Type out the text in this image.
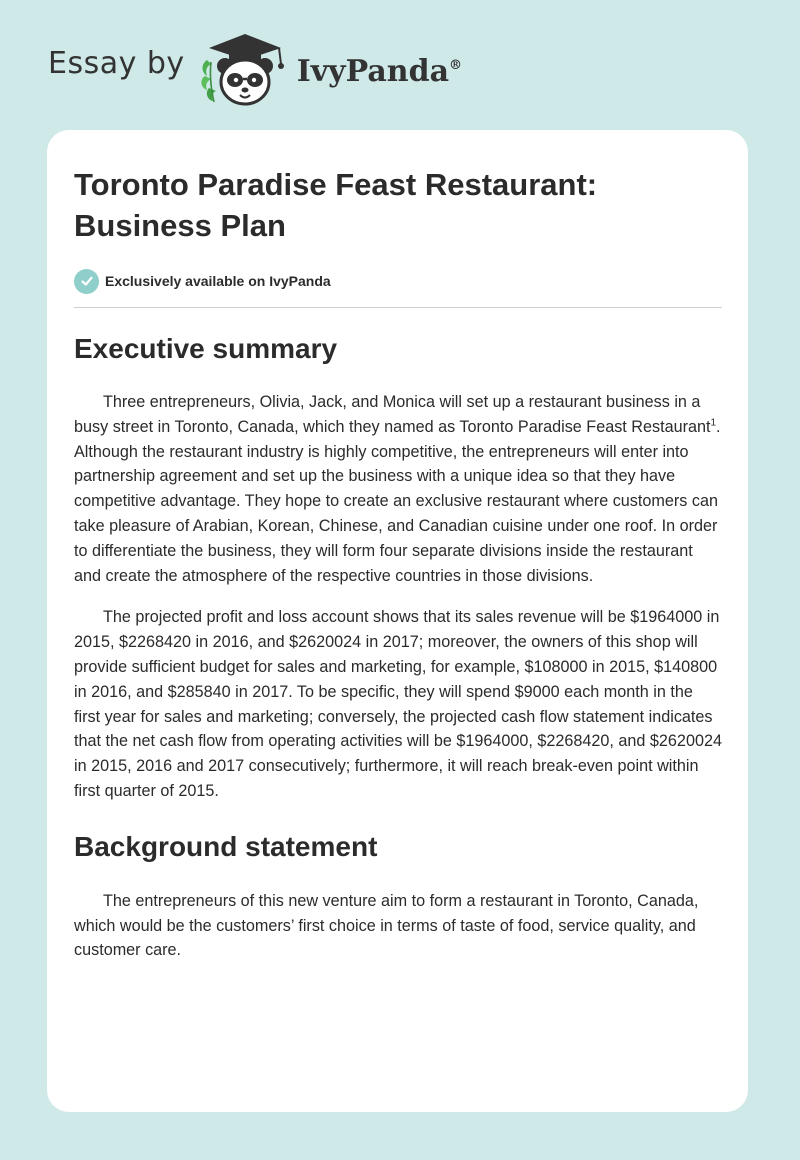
Essay by	IvyPanda®
Toronto Paradise Feast Restaurant: Business Plan
Exclusively available on IvyPanda
Executive summary

Three entrepreneurs, Olivia, Jack, and Monica will set up a restaurant business in a busy street in Toronto, Canada, which they named as Toronto Paradise Feast Restaurant$^1$. Although the restaurant industry is highly competitive, the entrepreneurs will enter into partnership agreement and set up the business with a unique idea so that they have competitive advantage. They hope to create an exclusive restaurant where customers can take pleasure of Arabian, Korean, Chinese, and Canadian cuisine under one roof. In order to differentiate the business, they will form four separate divisions inside the restaurant and create the atmosphere of the respective countries in those divisions.

The projected profit and loss account shows that its sales revenue will be $1964000 in 2015, $2268420 in 2016, and $2620024 in 2017; moreover, the owners of this shop will provide sufficient budget for sales and marketing, for example, $108000 in 2015, $140800 in 2016, and $285840 in 2017. To be specific, they will spend $9000 each month in the first year for sales and marketing; conversely, the projected cash flow statement indicates that the net cash flow from operating activities will be $1964000, $2268420, and $2620024 in 2015, 2016 and 2017 consecutively; furthermore, it will reach break-even point within first quarter of 2015.

Background statement

The entrepreneurs of this new venture aim to form a restaurant in Toronto, Canada, which would be the customers’ first choice in terms of taste of food, service quality, and customer care.
